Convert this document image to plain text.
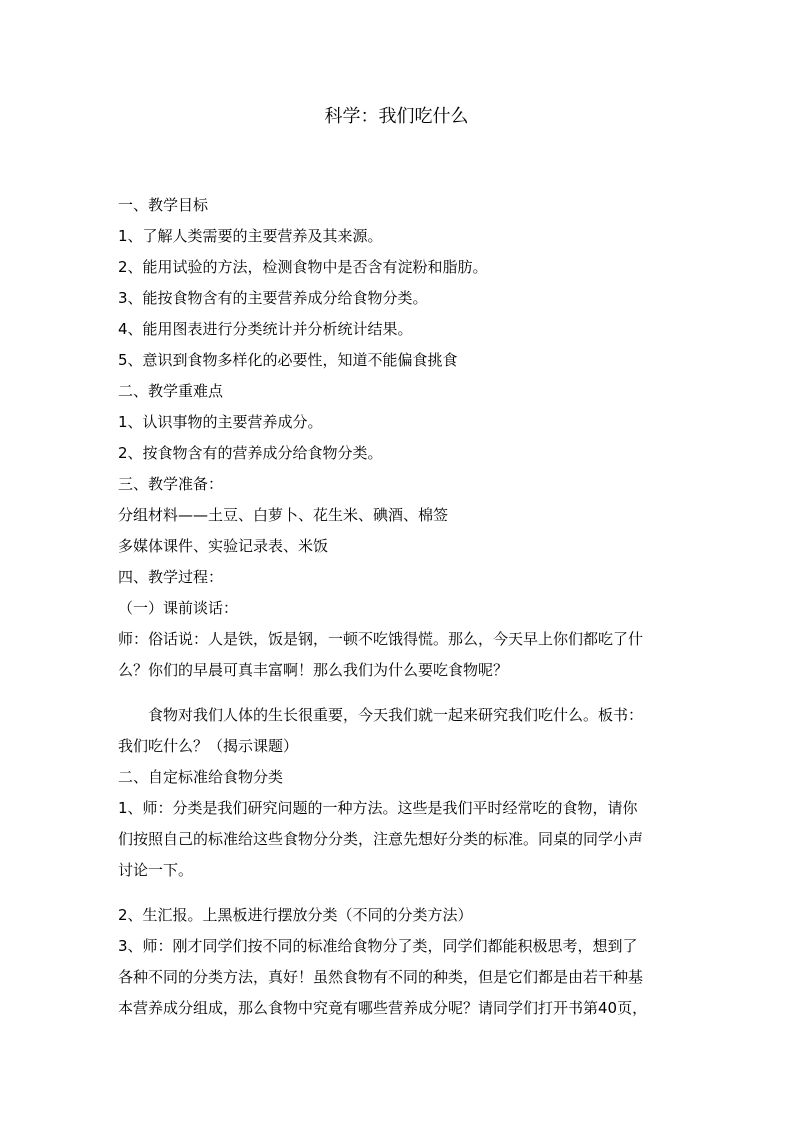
科学：我们吃什么
一、教学目标
1、了解人类需要的主要营养及其来源。
2、能用试验的方法，检测食物中是否含有淀粉和脂肪。
3、能按食物含有的主要营养成分给食物分类。
4、能用图表进行分类统计并分析统计结果。
5、意识到食物多样化的必要性，知道不能偏食挑食
二、教学重难点
1、认识事物的主要营养成分。
2、按食物含有的营养成分给食物分类。
三、教学准备：
分组材料——土豆、白萝卜、花生米、碘酒、棉签
多媒体课件、实验记录表、米饭
四、教学过程：
（一）课前谈话：
师：俗话说：人是铁，饭是钢，一顿不吃饿得慌。那么，今天早上你们都吃了什
么？你们的早晨可真丰富啊！那么我们为什么要吃食物呢？
食物对我们人体的生长很重要，今天我们就一起来研究我们吃什么。板书：
我们吃什么？（揭示课题）
二、自定标准给食物分类
1、师：分类是我们研究问题的一种方法。这些是我们平时经常吃的食物，请你
们按照自己的标准给这些食物分分类，注意先想好分类的标准。同桌的同学小声
讨论一下。
2、生汇报。上黑板进行摆放分类（不同的分类方法）
3、师：刚才同学们按不同的标准给食物分了类，同学们都能积极思考，想到了
各种不同的分类方法，真好！虽然食物有不同的种类，但是它们都是由若干种基
本营养成分组成，那么食物中究竟有哪些营养成分呢？请同学们打开书第40页，
